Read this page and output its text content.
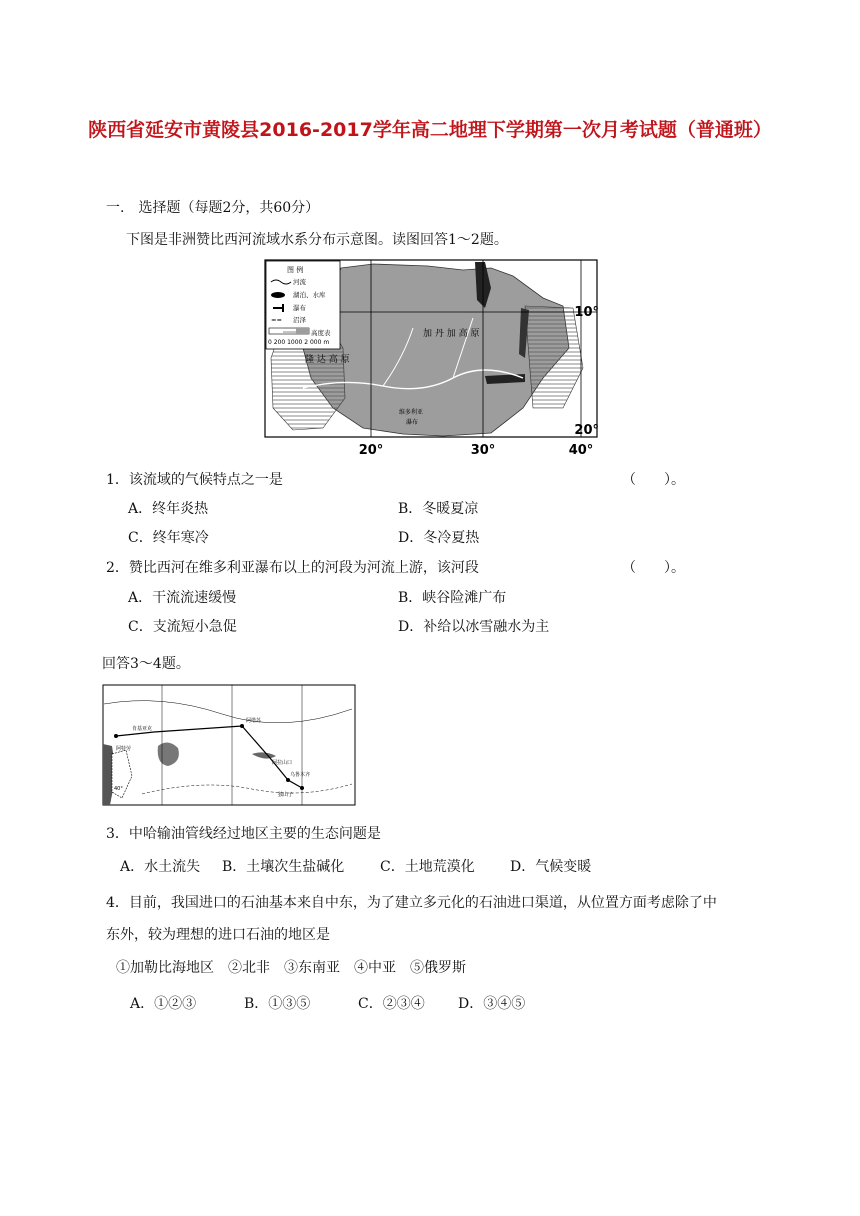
陕西省延安市黄陵县2016-2017学年高二地理下学期第一次月考试题（普通班）
一.　选择题（每题2分，共60分）
下图是非洲赞比西河流域水系分布示意图。读图回答1～2题。
图 例
河流
湖泊、水库
瀑布
≈≈ 沼泽
高度表
0 200 1000 2 000 m
加 丹 加 高 原
隆 达 高 原
维多利亚
瀑布
10°
20°
20°	30°	40°
1．该流域的气候特点之一是	（　　）。
A．终年炎热	B．冬暖夏凉
C．终年寒冷	D．冬冷夏热
2．赞比西河在维多利亚瀑布以上的河段为河流上游，该河段	（　　）。
A．干流流速缓慢	B．峡谷险滩广布
C．支流短小急促	D．补给以冰雪融水为主
回答3～4题。
阿特劳
肯基亚克
阿塔苏
阿拉山口
乌鲁木齐
独山子
40°
3．中哈输油管线经过地区主要的生态问题是
A．水土流失 B．土壤次生盐碱化	C．土地荒漠化	D．气候变暖
4．目前，我国进口的石油基本来自中东，为了建立多元化的石油进口渠道，从位置方面考虑除了中
东外，较为理想的进口石油的地区是
①加勒比海地区　②北非　③东南亚　④中亚　⑤俄罗斯
A．①②③	B．①③⑤	C．②③④ D．③④⑤
